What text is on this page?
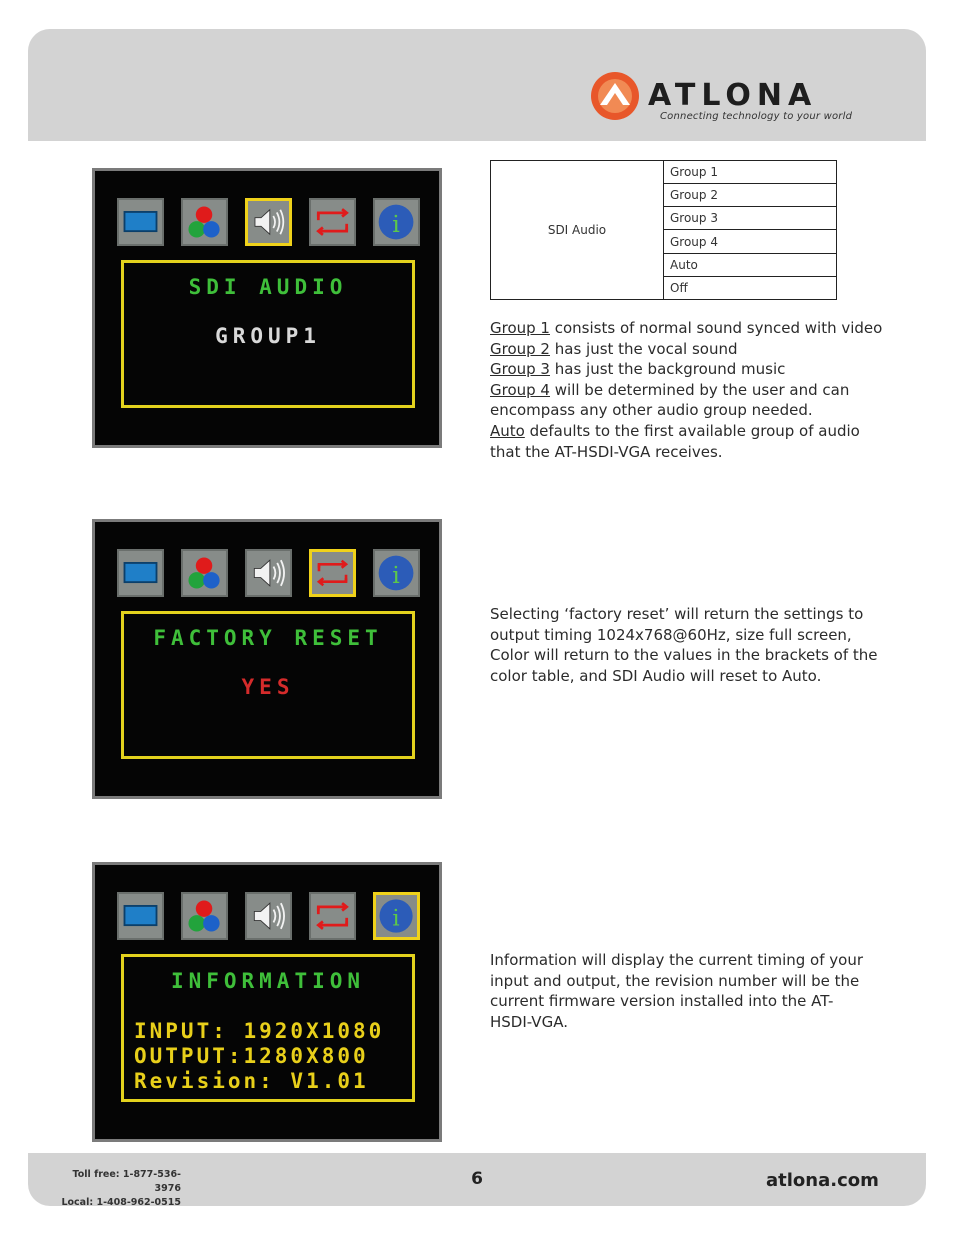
ATLONA
Connecting technology to your world
i
SDI AUDIO
GROUP1
i
FACTORY RESET
YES
i
INFORMATION
INPUT: 1920X1080
OUTPUT:1280X800
Revision: V1.01
SDI Audio	Group 1
Group 2
Group 3
Group 4
Auto
Off
Group 1 consists of normal sound synced with video
Group 2 has just the vocal sound
Group 3 has just the background music
Group 4 will be determined by the user and can encompass any other audio group needed.
Auto defaults to the first available group of audio that the AT-HSDI-VGA receives.
Selecting ‘factory reset’ will return the settings to output timing 1024x768@60Hz, size full screen, Color will return to the values in the brackets of the color table, and SDI Audio will reset to Auto.
Information will display the current timing of your input and output, the revision number will be the current firmware version installed into the AT-HSDI-VGA.
Toll free: 1-877-536-3976
Local: 1-408-962-0515
6	atlona.com
